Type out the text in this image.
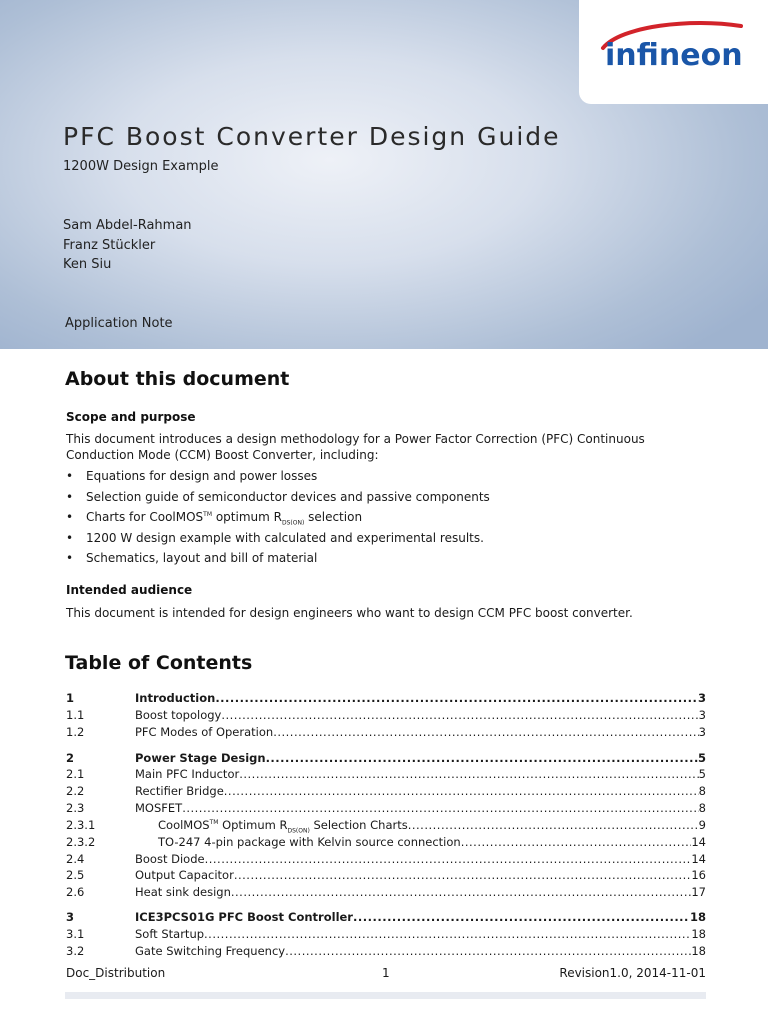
infineon
PFC Boost Converter Design Guide
1200W Design Example
Sam Abdel-Rahman
Franz Stückler
Ken Siu
Application Note
About this document
Scope and purpose
This document introduces a design methodology for a Power Factor Correction (PFC) Continuous Conduction Mode (CCM) Boost Converter, including:
• Equations for design and power losses
• Selection guide of semiconductor devices and passive components
• Charts for CoolMOS™ optimum $R_{DS(ON)}$ selection
• 1200 W design example with calculated and experimental results.
• Schematics, layout and bill of material
Intended audience
This document is intended for design engineers who want to design CCM PFC boost converter.
Table of Contents
1	Introduction .....	3
1.1	Boost topology .....	3
1.2	PFC Modes of Operation .....	3
2	Power Stage Design .....	5
2.1	Main PFC Inductor .....	5
2.2	Rectifier Bridge .....	8
2.3	MOSFET .....	8
2.3.1	CoolMOS™ Optimum $R_{DS(ON)}$ Selection Charts .....	9
2.3.2	TO-247 4-pin package with Kelvin source connection .....	14
2.4	Boost Diode .....	14
2.5	Output Capacitor .....	16
2.6	Heat sink design .....	17
3	ICE3PCS01G PFC Boost Controller .....	18
3.1	Soft Startup .....	18
3.2	Gate Switching Frequency .....	18
Doc_Distribution	1	Revision1.0, 2014-11-01
